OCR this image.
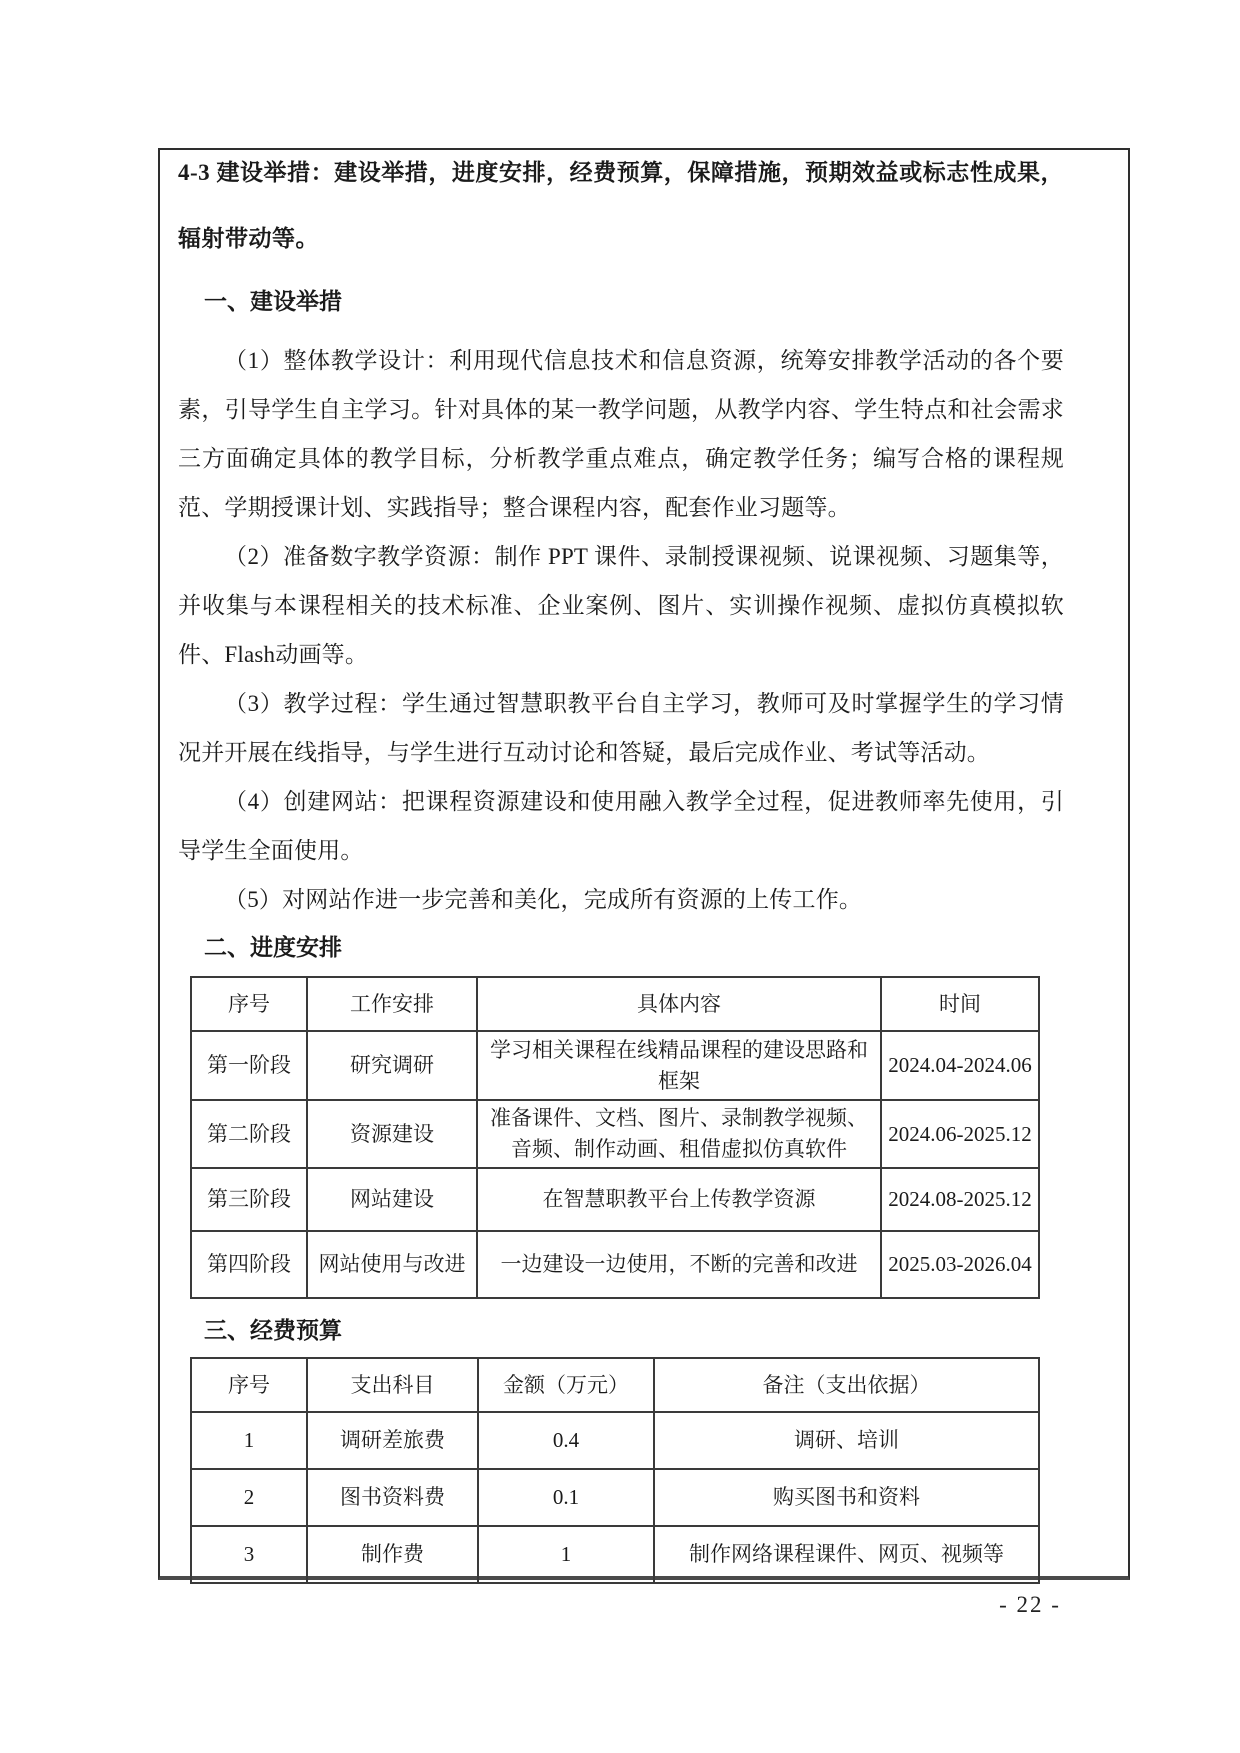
4-3 建设举措：建设举措，进度安排，经费预算，保障措施，预期效益或标志性成果，辐射带动等。

一、建设举措

（1）整体教学设计：利用现代信息技术和信息资源，统筹安排教学活动的各个要素，引导学生自主学习。针对具体的某一教学问题，从教学内容、学生特点和社会需求三方面确定具体的教学目标，分析教学重点难点，确定教学任务；编写合格的课程规范、学期授课计划、实践指导；整合课程内容，配套作业习题等。

（2）准备数字教学资源：制作 PPT 课件、录制授课视频、说课视频、习题集等，并收集与本课程相关的技术标准、企业案例、图片、实训操作视频、虚拟仿真模拟软件、Flash动画等。

（3）教学过程：学生通过智慧职教平台自主学习，教师可及时掌握学生的学习情况并开展在线指导，与学生进行互动讨论和答疑，最后完成作业、考试等活动。

（4）创建网站：把课程资源建设和使用融入教学全过程，促进教师率先使用，引导学生全面使用。

（5）对网站作进一步完善和美化，完成所有资源的上传工作。

二、进度安排
序号	工作安排	具体内容	时间
第一阶段	研究调研	学习相关课程在线精品课程的建设思路和框架	2024.04-2024.06
第二阶段	资源建设	准备课件、文档、图片、录制教学视频、音频、制作动画、租借虚拟仿真软件	2024.06-2025.12
第三阶段	网站建设	在智慧职教平台上传教学资源	2024.08-2025.12
第四阶段	网站使用与改进	一边建设一边使用，不断的完善和改进	2025.03-2026.04
三、经费预算
序号	支出科目	金额（万元）	备注（支出依据）
1	调研差旅费	0.4	调研、培训
2	图书资料费	0.1	购买图书和资料
3	制作费	1	制作网络课程课件、网页、视频等
- 22 -
